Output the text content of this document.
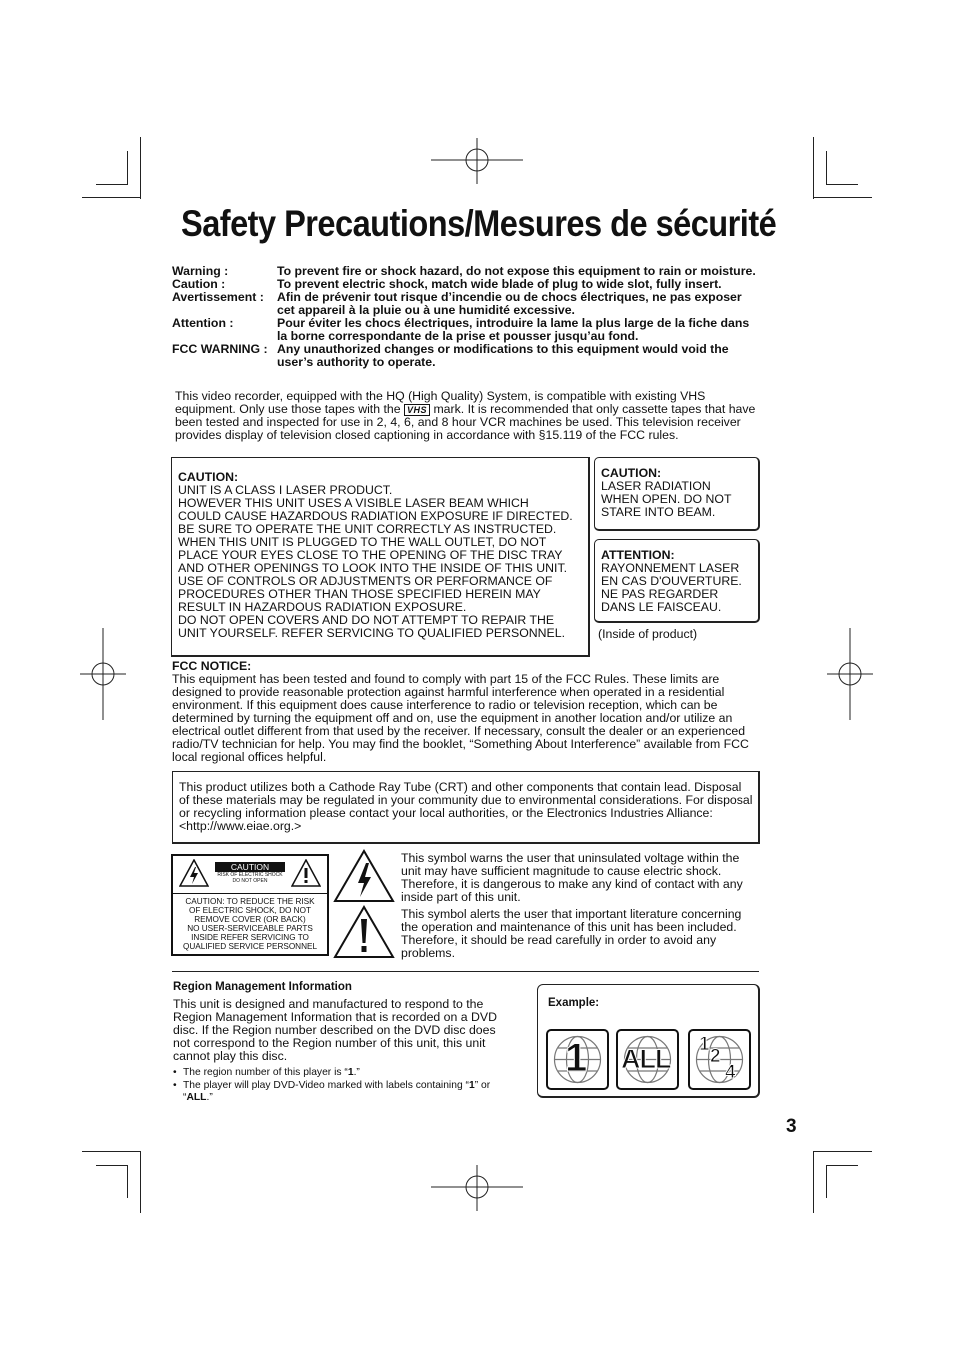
Safety Precautions/Mesures de sécurité
Warning :	To prevent fire or shock hazard, do not expose this equipment to rain or moisture.
Caution :	To prevent electric shock, match wide blade of plug to wide slot, fully insert.
Avertissement :	Afin de prévenir tout risque d’incendie ou de chocs électriques, ne pas exposer cet appareil à la pluie ou à une humidité excessive.
Attention :	Pour éviter les chocs électriques, introduire la lame la plus large de la fiche dans la borne correspondante de la prise et pousser jusqu’au fond.
FCC WARNING : Any unauthorized changes or modifications to this equipment would void the user’s authority to operate.
This video recorder, equipped with the HQ (High Quality) System, is compatible with existing VHS equipment. Only use those tapes with the VHS mark. It is recommended that only cassette tapes that have been tested and inspected for use in 2, 4, 6, and 8 hour VCR machines be used. This television receiver provides display of television closed captioning in accordance with §15.119 of the FCC rules.
CAUTION:
UNIT IS A CLASS I LASER PRODUCT.
HOWEVER THIS UNIT USES A VISIBLE LASER BEAM WHICH
COULD CAUSE HAZARDOUS RADIATION EXPOSURE IF DIRECTED.
BE SURE TO OPERATE THE UNIT CORRECTLY AS INSTRUCTED.
WHEN THIS UNIT IS PLUGGED TO THE WALL OUTLET, DO NOT
PLACE YOUR EYES CLOSE TO THE OPENING OF THE DISC TRAY
AND OTHER OPENINGS TO LOOK INTO THE INSIDE OF THIS UNIT.
USE OF CONTROLS OR ADJUSTMENTS OR PERFORMANCE OF
PROCEDURES OTHER THAN THOSE SPECIFIED HEREIN MAY
RESULT IN HAZARDOUS RADIATION EXPOSURE.
DO NOT OPEN COVERS AND DO NOT ATTEMPT TO REPAIR THE
UNIT YOURSELF. REFER SERVICING TO QUALIFIED PERSONNEL.
CAUTION:
LASER RADIATION
WHEN OPEN. DO NOT
STARE INTO BEAM.
ATTENTION:
RAYONNEMENT LASER
EN CAS D'OUVERTURE.
NE PAS REGARDER
DANS LE FAISCEAU.
(Inside of product)
FCC NOTICE:
This equipment has been tested and found to comply with part 15 of the FCC Rules. These limits are designed to provide reasonable protection against harmful interference when operated in a residential environment. If this equipment does cause interference to radio or television reception, which can be determined by turning the equipment off and on, use the equipment in another location and/or utilize an electrical outlet different from that used by the receiver. If necessary, consult the dealer or an experienced radio/TV technician for help. You may find the booklet, “Something About Interference” available from FCC local regional offices helpful.
This product utilizes both a Cathode Ray Tube (CRT) and other components that contain lead. Disposal of these materials may be regulated in your community due to environmental considerations. For disposal or recycling information please contact your local authorities, or the Electronics Industries Alliance: <http://www.eiae.org.>
CAUTION
RISK OF ELECTRIC SHOCK
DO NOT OPEN
CAUTION: TO REDUCE THE RISK
OF ELECTRIC SHOCK, DO NOT
REMOVE COVER (OR BACK)
NO USER-SERVICEABLE PARTS
INSIDE REFER SERVICING TO
QUALIFIED SERVICE PERSONNEL
This symbol warns the user that uninsulated voltage within the unit may have sufficient magnitude to cause electric shock. Therefore, it is dangerous to make any kind of contact with any inside part of this unit.
This symbol alerts the user that important literature concerning the operation and maintenance of this unit has been included. Therefore, it should be read carefully in order to avoid any problems.
Region Management Information
This unit is designed and manufactured to respond to the Region Management Information that is recorded on a DVD disc. If the Region number described on the DVD disc does not correspond to the Region number of this unit, this unit cannot play this disc.
• The region number of this player is “1.”
• The player will play DVD-Video marked with labels containing “1” or “ALL.”
Example:
1 ALL 1
2
4
3
